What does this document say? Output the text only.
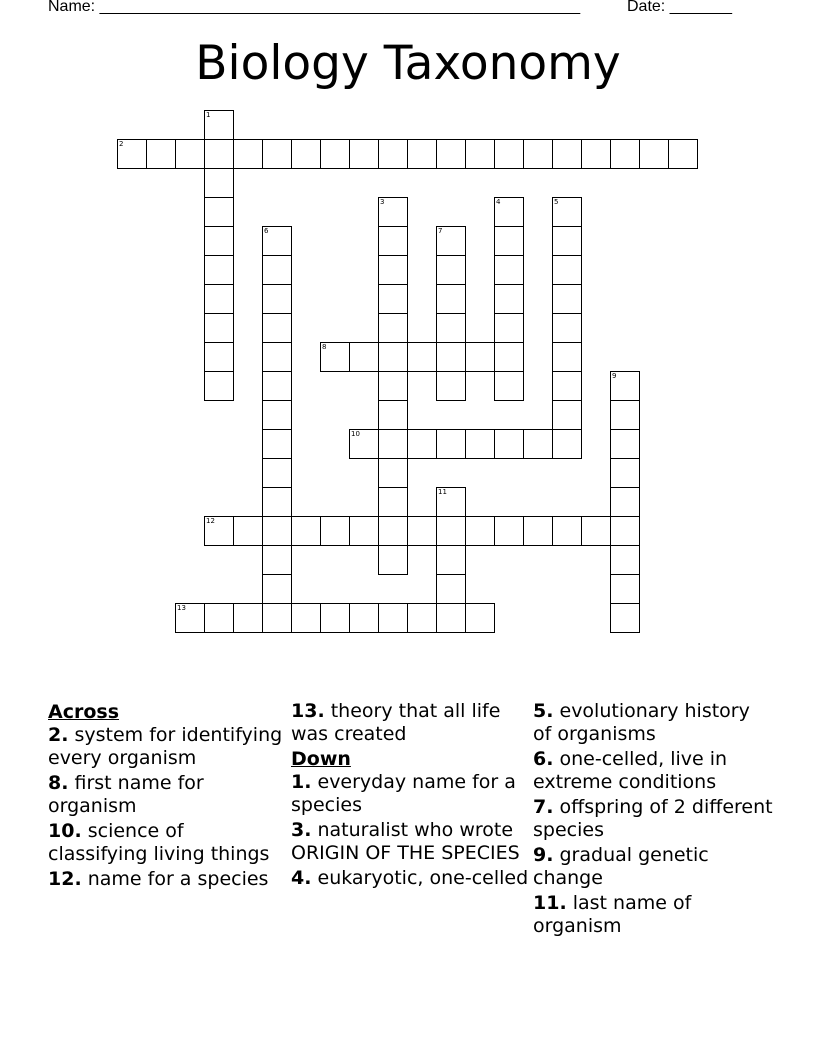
Name: ______________________________________________________	Date: _______
Biology Taxonomy
1
2
3	4	5
6	7
8
9
10
11
12
13
Across
2. system for identifying every organism
8. first name for organism
10. science of classifying living things
12. name for a species
13. theory that all life was created
Down
1. everyday name for a species
3. naturalist who wrote ORIGIN OF THE SPECIES
4. eukaryotic, one-celled
5. evolutionary history of organisms
6. one-celled, live in extreme conditions
7. offspring of 2 different species
9. gradual genetic change
11. last name of organism
